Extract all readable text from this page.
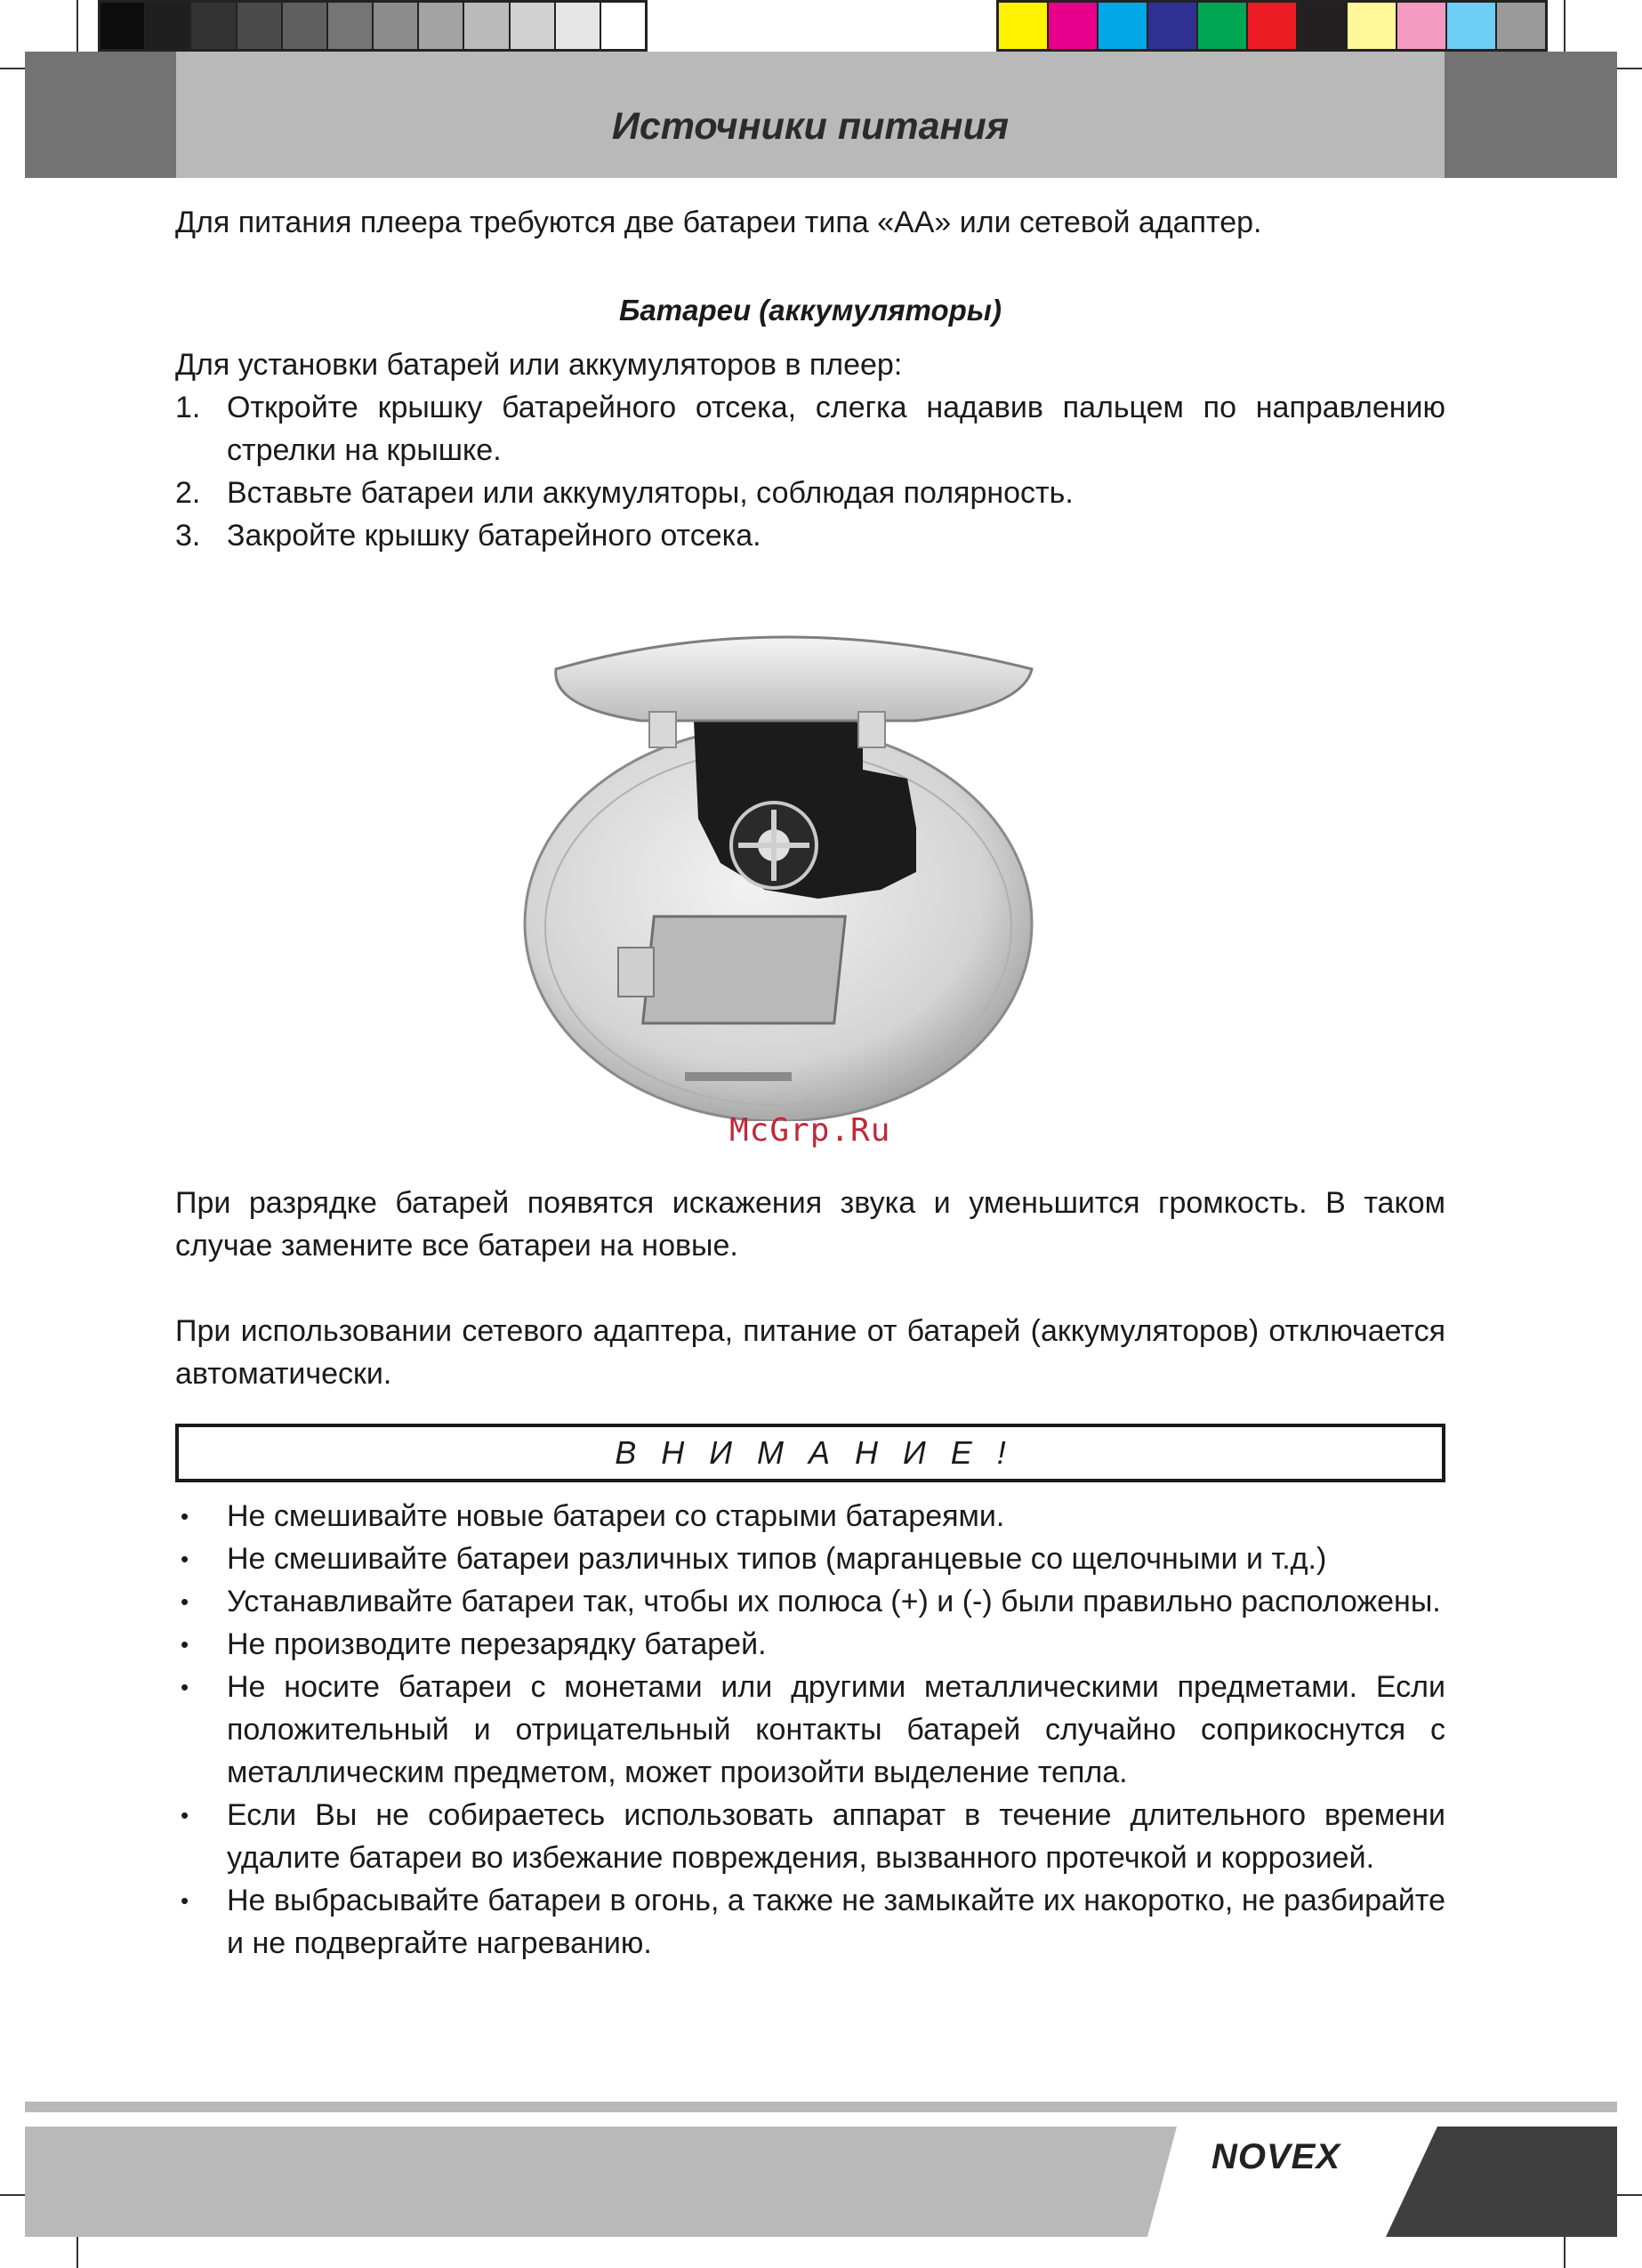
Источники питания
Для питания плеера требуются две батареи типа «АА» или сетевой адаптер.
Батареи (аккумуляторы)
Для установки батарей или аккумуляторов в плеер:
1. Откройте крышку батарейного отсека, слегка надавив пальцем по направлению стрелки на крышке.
2. Вставьте батареи или аккумуляторы, соблюдая полярность.
3. Закройте крышку батарейного отсека.
McGrp.Ru
При разрядке батарей появятся искажения звука и уменьшится громкость. В таком случае замените все батареи на новые.
При использовании сетевого адаптера, питание от батарей (аккумуляторов) отключается автоматически.
ВНИМАНИЕ!
• Не смешивайте новые батареи со старыми батареями.
• Не смешивайте батареи различных типов (марганцевые со щелочными и т.д.)
• Устанавливайте батареи так, чтобы их полюса (+) и (-) были правильно расположены.
• Не производите перезарядку батарей.
• Не носите батареи с монетами или другими металлическими предметами. Если положительный и отрицательный контакты батарей случайно соприкоснутся с металлическим предметом, может произойти выделение тепла.
• Если Вы не собираетесь использовать аппарат в течение длительного времени удалите батареи во избежание повреждения, вызванного протечкой и коррозией.
• Не выбрасывайте батареи в огонь, а также не замыкайте их накоротко, не разбирайте и не подвергайте нагреванию.
NOVEX
